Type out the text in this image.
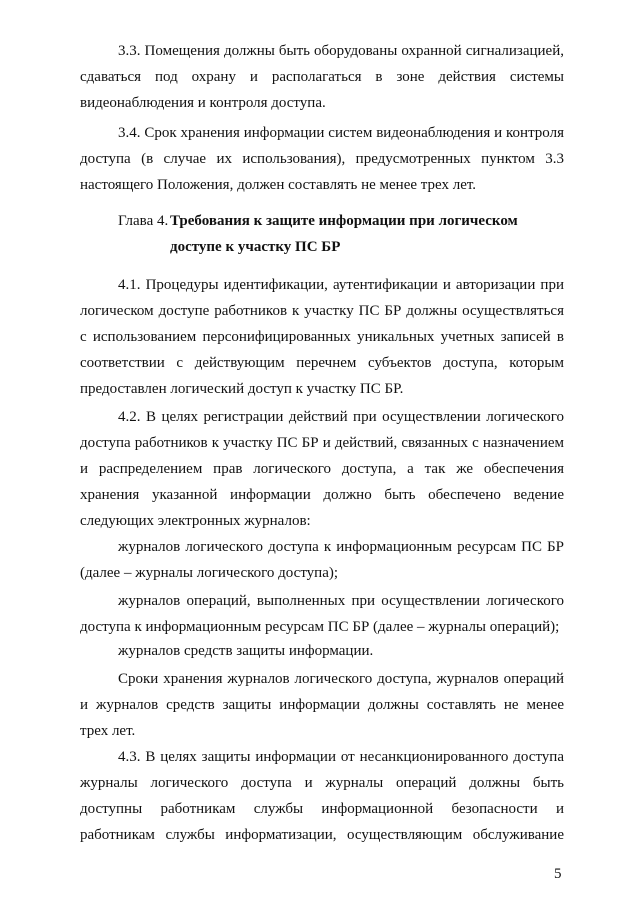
3.3. Помещения должны быть оборудованы охранной сигнализацией,
сдаваться под охрану и располагаться в зоне действия системы
видеонаблюдения и контроля доступа.
3.4. Срок хранения информации систем видеонаблюдения и контроля
доступа (в случае их использования), предусмотренных пунктом 3.3
настоящего Положения, должен составлять не менее трех лет.
Глава 4. Требования к защите информации при логическом
доступе к участку ПС БР
4.1. Процедуры идентификации, аутентификации и авторизации при
логическом доступе работников к участку ПС БР должны осуществляться
с использованием персонифицированных уникальных учетных записей в
соответствии с действующим перечнем субъектов доступа, которым
предоставлен логический доступ к участку ПС БР.
4.2. В целях регистрации действий при осуществлении логического
доступа работников к участку ПС БР и действий, связанных с назначением
и распределением прав логического доступа, а так же обеспечения
хранения указанной информации должно быть обеспечено ведение
следующих электронных журналов:
журналов логического доступа к информационным ресурсам ПС БР
(далее – журналы логического доступа);
журналов операций, выполненных при осуществлении логического
доступа к информационным ресурсам ПС БР (далее – журналы операций);
журналов средств защиты информации.
Сроки хранения журналов логического доступа, журналов операций
и журналов средств защиты информации должны составлять не менее
трех лет.
4.3. В целях защиты информации от несанкционированного доступа
журналы логического доступа и журналы операций должны быть
доступны работникам службы информационной безопасности и
работникам службы информатизации, осуществляющим обслуживание
5
